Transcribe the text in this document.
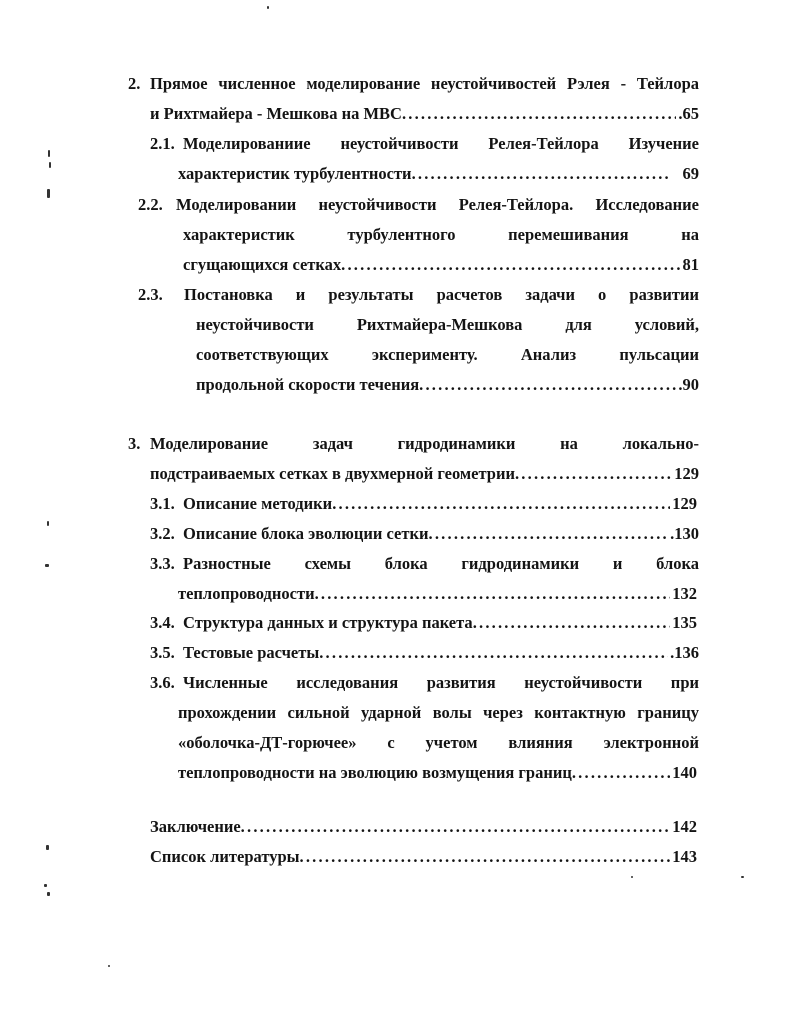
2. Прямое численное моделирование неустойчивостей Рэлея - Тейлора
и Рихтмайера - Мешкова на МВС .....	.65
2.1. Моделированиие неустойчивости Релея-Тейлора Изучение
характеристик турбулентности .....	69
2.2. Моделировании неустойчивости Релея-Тейлора. Исследование
характеристик турбулентного перемешивания на
сгущающихся сетках .....	81
2.3. Постановка и результаты расчетов задачи о развитии
неустойчивости Рихтмайера-Мешкова для условий,
соответствующих эксперименту. Анализ пульсации
продольной скорости течения .....	.90
3. Моделирование задач гидродинамики на локально-
подстраиваемых сетках в двухмерной геометрии .....	129
3.1. Описание методики .....	129
3.2. Описание блока эволюции сетки .....	.130
3.3. Разностные схемы блока гидродинамики и блока
теплопроводности .....	132
3.4. Структура данных и структура пакета .....	135
3.5. Тестовые расчеты .....	.136
3.6. Численные исследования развития неустойчивости при
прохождении сильной ударной волы через контактную границу
«оболочка-ДТ-горючее» с учетом влияния электронной
теплопроводности на эволюцию возмущения границ .....	140
Заключение .....	142
Список литературы .....	143
